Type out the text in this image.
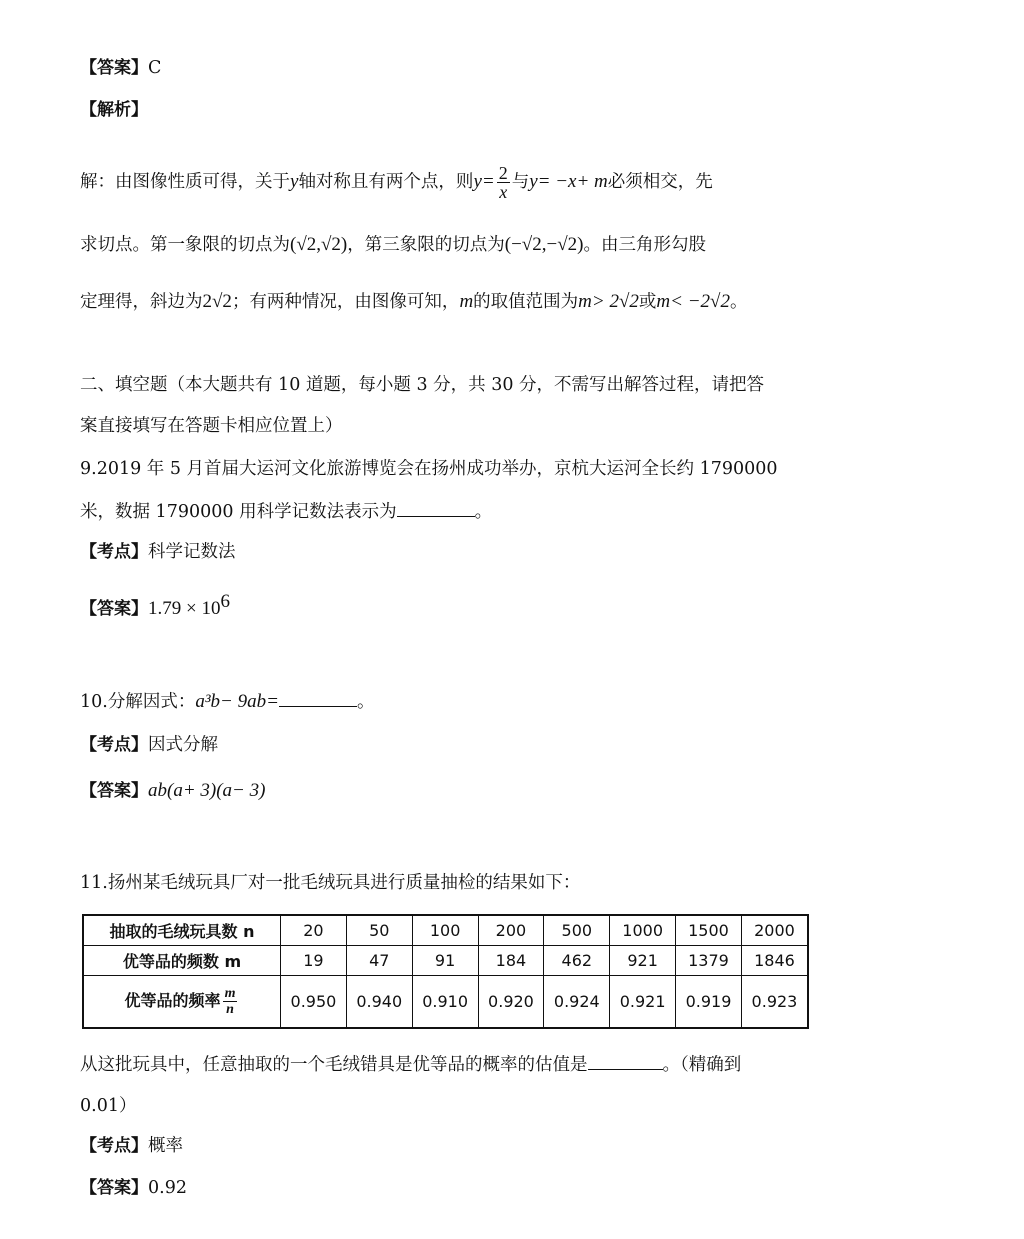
【答案】C
【解析】
解：由图像性质可得，关于y轴对称且有两个点，则$y= \frac{2}{x}$ 与y= −x+ m必须相交，先
求切点。第一象限的切点为(√2,√2)，第三象限的切点为(−√2,−√2)。由三角形勾股
定理得，斜边为2√2；有两种情况，由图像可知，m的取值范围为m> 2√2或m< −2√2。
二、填空题（本大题共有 10 道题，每小题 3 分，共 30 分，不需写出解答过程，请把答
案直接填写在答题卡相应位置上）
9.2019 年 5 月首届大运河文化旅游博览会在扬州成功举办，京杭大运河全长约 1790000
米，数据 1790000 用科学记数法表示为	。
【考点】科学记数法
【答案】$1.79 \times 10^6$
10.分解因式：a³b− 9ab=	。
【考点】因式分解
【答案】ab(a+ 3)(a− 3)
11.扬州某毛绒玩具厂对一批毛绒玩具进行质量抽检的结果如下：
抽取的毛绒玩具数 n	20	50	100	200	500	1000	1500	2000
优等品的频数 m	19	47	91	184	462	921	1379	1846
优等品的频率 $\frac{m}{n}$	0.950	0.940	0.910	0.920	0.924	0.921	0.919	0.923
从这批玩具中，任意抽取的一个毛绒错具是优等品的概率的估值是	。（精确到
0.01）
【考点】概率
【答案】0.92
